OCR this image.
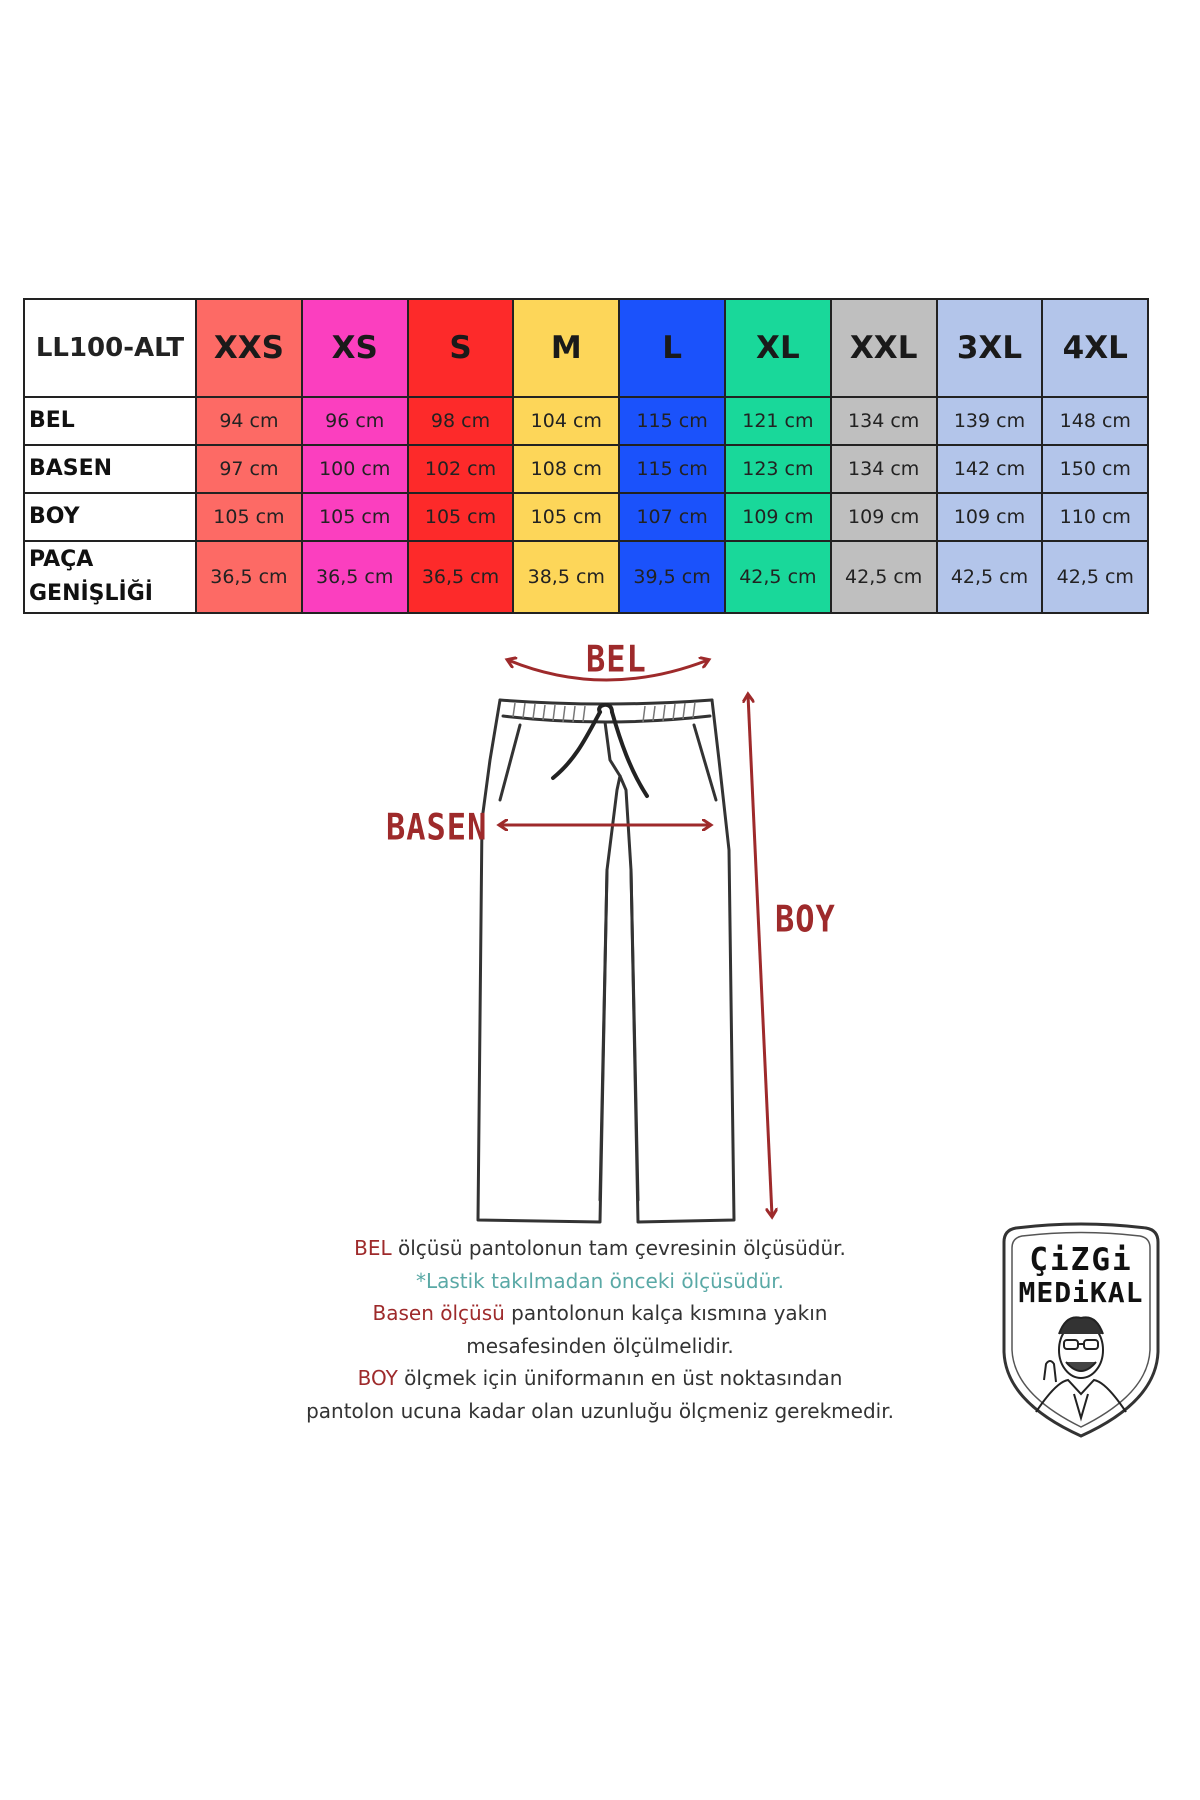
LL100-ALT	XXS	XS	S	M	L	XL	XXL	3XL	4XL
BEL	94 cm	96 cm	98 cm	104 cm	115 cm	121 cm	134 cm	139 cm	148 cm
BASEN	97 cm	100 cm	102 cm	108 cm	115 cm	123 cm	134 cm	142 cm	150 cm
BOY	105 cm	105 cm	105 cm	105 cm	107 cm	109 cm	109 cm	109 cm	110 cm

PAÇA
GENİŞLİĞİ	36,5 cm	36,5 cm	36,5 cm	38,5 cm	39,5 cm	42,5 cm	42,5 cm	42,5 cm	42,5 cm
BEL
BASEN
BOY

BEL ölçüsü pantolonun tam çevresinin ölçüsüdür.

*Lastik takılmadan önceki ölçüsüdür.

Basen ölçüsü pantolonun kalça kısmına yakın

mesafesinden ölçülmelidir.

BOY ölçmek için üniformanın en üst noktasından

pantolon ucuna kadar olan uzunluğu ölçmeniz gerekmedir.

ÇiZGi
MEDiKAL
